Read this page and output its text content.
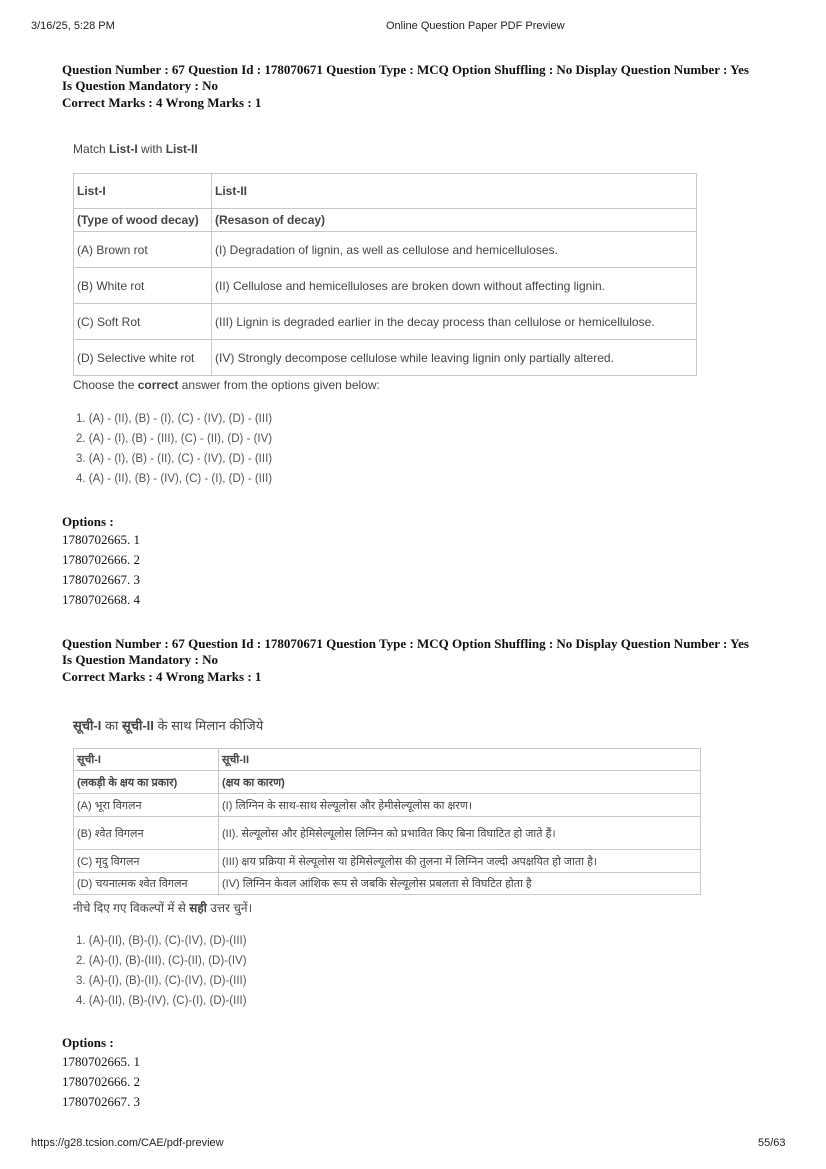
3/16/25, 5:28 PM	Online Question Paper PDF Preview
Question Number : 67 Question Id : 178070671 Question Type : MCQ Option Shuffling : No Display Question Number : Yes
Is Question Mandatory : No
Correct Marks : 4 Wrong Marks : 1
Match List-I with List-II
List-I	List-II
(Type of wood decay)	(Resason of decay)
(A) Brown rot	(I) Degradation of lignin, as well as cellulose and hemicelluloses.
(B) White rot	(II) Cellulose and hemicelluloses are broken down without affecting lignin.
(C) Soft Rot	(III) Lignin is degraded earlier in the decay process than cellulose or hemicellulose.
(D) Selective white rot	(IV) Strongly decompose cellulose while leaving lignin only partially altered.
Choose the correct answer from the options given below:
1. (A) - (II), (B) - (I), (C) - (IV), (D) - (III)
2. (A) - (I), (B) - (III), (C) - (II), (D) - (IV)
3. (A) - (I), (B) - (II), (C) - (IV), (D) - (III)
4. (A) - (II), (B) - (IV), (C) - (I), (D) - (III)
Options :
1780702665. 1
1780702666. 2
1780702667. 3
1780702668. 4
Question Number : 67 Question Id : 178070671 Question Type : MCQ Option Shuffling : No Display Question Number : Yes
Is Question Mandatory : No
Correct Marks : 4 Wrong Marks : 1
सूची-I का सूची-II के साथ मिलान कीजिये
सूची-I	सूची-II
(लकड़ी के क्षय का प्रकार)	(क्षय का कारण)
(A) भूरा विगलन	(I) लिग्निन के साथ-साथ सेल्यूलोस और हेमीसेल्यूलोस का क्षरण।
(B) श्वेत विगलन	(II). सेल्यूलोस और हेमिसेल्यूलोस लिग्निन को प्रभावित किए बिना विघाटित हो जाते हैं।
(C) मृदु विगलन	(III) क्षय प्रक्रिया में सेल्यूलोस या हेमिसेल्यूलोस की तुलना में लिग्निन जल्दी अपक्षयित हो जाता है।
(D) चयनात्मक श्वेत विगलन	(IV) लिग्निन केवल आंशिक रूप से जबकि सेल्यूलोस प्रबलता से विघटित होता है
नीचे दिए गए विकल्पों में से सही उत्तर चुनें।
1. (A)-(II), (B)-(I), (C)-(IV), (D)-(III)
2. (A)-(I), (B)-(III), (C)-(II), (D)-(IV)
3. (A)-(I), (B)-(II), (C)-(IV), (D)-(III)
4. (A)-(II), (B)-(IV), (C)-(I), (D)-(III)
Options :
1780702665. 1
1780702666. 2
1780702667. 3
https://g28.tcsion.com/CAE/pdf-preview	55/63
